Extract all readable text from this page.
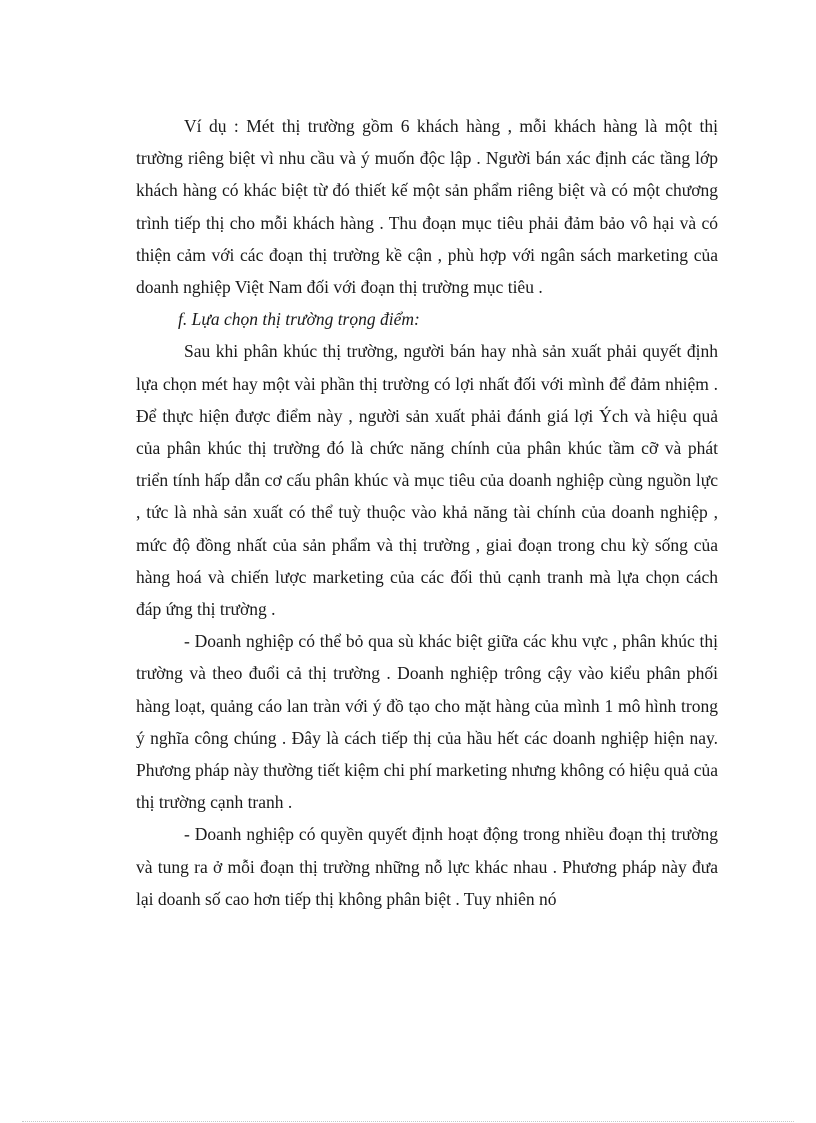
Ví dụ : Mét thị trường gồm 6 khách hàng , mỗi khách hàng là một thị trường riêng biệt vì nhu cầu và ý muốn độc lập . Người bán xác định các tầng lớp khách hàng có khác biệt từ đó thiết kế một sản phẩm riêng biệt và có một chương trình tiếp thị cho mỗi khách hàng . Thu đoạn mục tiêu phải đảm bảo vô hại và có thiện cảm với các đoạn thị trường kề cận , phù hợp với ngân sách marketing của doanh nghiệp Việt Nam đối với đoạn thị trường mục tiêu .

f. Lựa chọn thị trường trọng điểm:

Sau khi phân khúc thị trường, người bán hay nhà sản xuất phải quyết định lựa chọn mét hay một vài phần thị trường có lợi nhất đối với mình để đảm nhiệm . Để thực hiện được điểm này , người sản xuất phải đánh giá lợi Ých và hiệu quả của phân khúc thị trường đó là chức năng chính của phân khúc tầm cỡ và phát triển tính hấp dẫn cơ cấu phân khúc và mục tiêu của doanh nghiệp cùng nguồn lực , tức là nhà sản xuất có thể tuỳ thuộc vào khả năng tài chính của doanh nghiệp , mức độ đồng nhất của sản phẩm và thị trường , giai đoạn trong chu kỳ sống của hàng hoá và chiến lược marketing của các đối thủ cạnh tranh mà lựa chọn cách đáp ứng thị trường .

- Doanh nghiệp có thể bỏ qua sù khác biệt giữa các khu vực , phân khúc thị trường và theo đuổi cả thị trường . Doanh nghiệp trông cậy vào kiểu phân phối hàng loạt, quảng cáo lan tràn với ý đồ tạo cho mặt hàng của mình 1 mô hình trong ý nghĩa công chúng . Đây là cách tiếp thị của hầu hết các doanh nghiệp hiện nay. Phương pháp này thường tiết kiệm chi phí marketing nhưng không có hiệu quả của thị trường cạnh tranh .

- Doanh nghiệp có quyền quyết định hoạt động trong nhiều đoạn thị trường và tung ra ở mỗi đoạn thị trường những nỗ lực khác nhau . Phương pháp này đưa lại doanh số cao hơn tiếp thị không phân biệt . Tuy nhiên nó
